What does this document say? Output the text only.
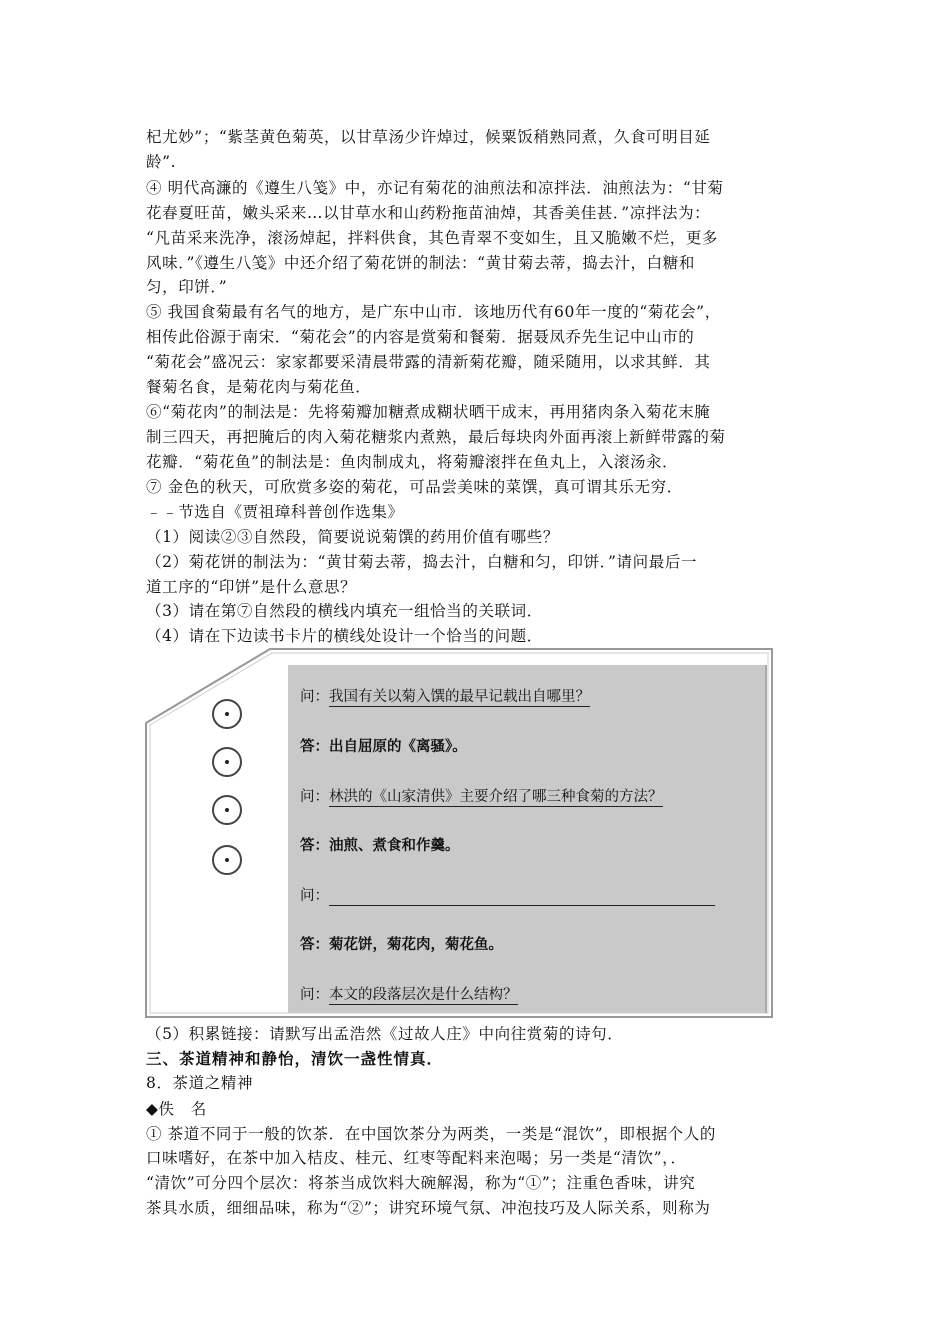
杞尤妙”；“紫茎黄色菊英，以甘草汤少许焯过，候粟饭稍熟同煮，久食可明目延
龄”.
④ 明代高濂的《遵生八笺》中，亦记有菊花的油煎法和凉拌法．油煎法为：“甘菊
花春夏旺苗，嫩头采来…以甘草水和山药粉拖苗油焯，其香美佳甚．”凉拌法为：
“凡苗采来洗净，滚汤焯起，拌料供食，其色青翠不变如生，且又脆嫩不烂，更多
风味．”《遵生八笺》中还介绍了菊花饼的制法：“黄甘菊去蒂，捣去汁，白糖和
匀，印饼．”
⑤ 我国食菊最有名气的地方，是广东中山市．该地历代有60年一度的“菊花会”，
相传此俗源于南宋．“菊花会”的内容是赏菊和餐菊．据聂凤乔先生记中山市的
“菊花会”盛况云：家家都要采清晨带露的清新菊花瓣，随采随用，以求其鲜．其
餐菊名食，是菊花肉与菊花鱼．
⑥“菊花肉”的制法是：先将菊瓣加糖煮成糊状晒干成末，再用猪肉条入菊花末腌
制三四天，再把腌后的肉入菊花糖浆内煮熟，最后每块肉外面再滚上新鲜带露的菊
花瓣．“菊花鱼”的制法是：鱼肉制成丸，将菊瓣滚拌在鱼丸上，入滚汤汆．
⑦ 金色的秋天，可欣赏多姿的菊花，可品尝美味的菜馔，真可谓其乐无穷．
﹣﹣节选自《贾祖璋科普创作选集》
（1）阅读②③自然段，简要说说菊馔的药用价值有哪些？
（2）菊花饼的制法为：“黄甘菊去蒂，捣去汁，白糖和匀，印饼．”请问最后一
道工序的“印饼”是什么意思？
（3）请在第⑦自然段的横线内填充一组恰当的关联词．
（4）请在下边读书卡片的横线处设计一个恰当的问题．
问：我国有关以菊入馔的最早记载出自哪里？
答：出自屈原的《离骚》。
问：林洪的《山家清供》主要介绍了哪三种食菊的方法？
答：油煎、煮食和作羹。
问：
答：菊花饼，菊花肉，菊花鱼。
问：本文的段落层次是什么结构？
（5）积累链接：请默写出孟浩然《过故人庄》中向往赏菊的诗句．
三、茶道精神和静怡，清饮一盏性情真．
8．茶道之精神
◆佚　名
① 茶道不同于一般的饮茶．在中国饮茶分为两类，一类是“混饮”，即根据个人的
口味嗜好，在茶中加入桔皮、桂元、红枣等配料来泡喝；另一类是“清饮”，．
“清饮”可分四个层次：将茶当成饮料大碗解渴，称为“①”；注重色香味，讲究
茶具水质，细细品味，称为“②”；讲究环境气氛、冲泡技巧及人际关系，则称为
